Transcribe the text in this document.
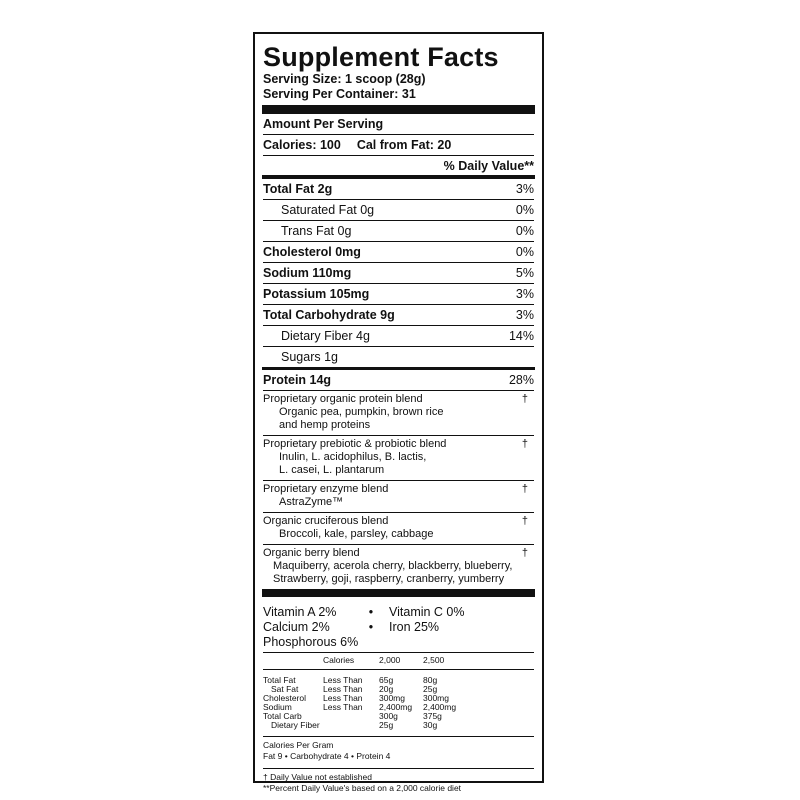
Supplement Facts
Serving Size: 1 scoop (28g)
Serving Per Container: 31
Amount Per Serving
Calories: 100 Cal from Fat: 20
% Daily Value**
Total Fat 2g	3%
Saturated Fat 0g	0%
Trans Fat 0g	0%
Cholesterol 0mg	0%
Sodium 110mg	5%
Potassium 105mg	3%
Total Carbohydrate 9g	3%
Dietary Fiber 4g	14%
Sugars 1g
Protein 14g	28%
Proprietary organic protein blend	†
Organic pea, pumpkin, brown rice
and hemp proteins
Proprietary prebiotic & probiotic blend	†
Inulin, L. acidophilus, B. lactis,
L. casei, L. plantarum
Proprietary enzyme blend	†
AstraZyme™
Organic cruciferous blend	†
Broccoli, kale, parsley, cabbage
Organic berry blend	†
Maquiberry, acerola cherry, blackberry, blueberry,
Strawberry, goji, raspberry, cranberry, yumberry
Vitamin A 2%	•	Vitamin C 0%
Calcium 2%	•	Iron 25%
Phosphorous 6%
	Calories	2,000	2,500
Total Fat	Less Than	65g	80g
Sat Fat	Less Than	20g	25g
Cholesterol	Less Than	300mg	300mg
Sodium	Less Than	2,400mg	2,400mg
Total Carb		300g	375g
Dietary Fiber		25g	30g
Calories Per Gram
Fat 9 • Carbohydrate 4 • Protein 4
† Daily Value not established
**Percent Daily Value's based on a 2,000 calorie diet
